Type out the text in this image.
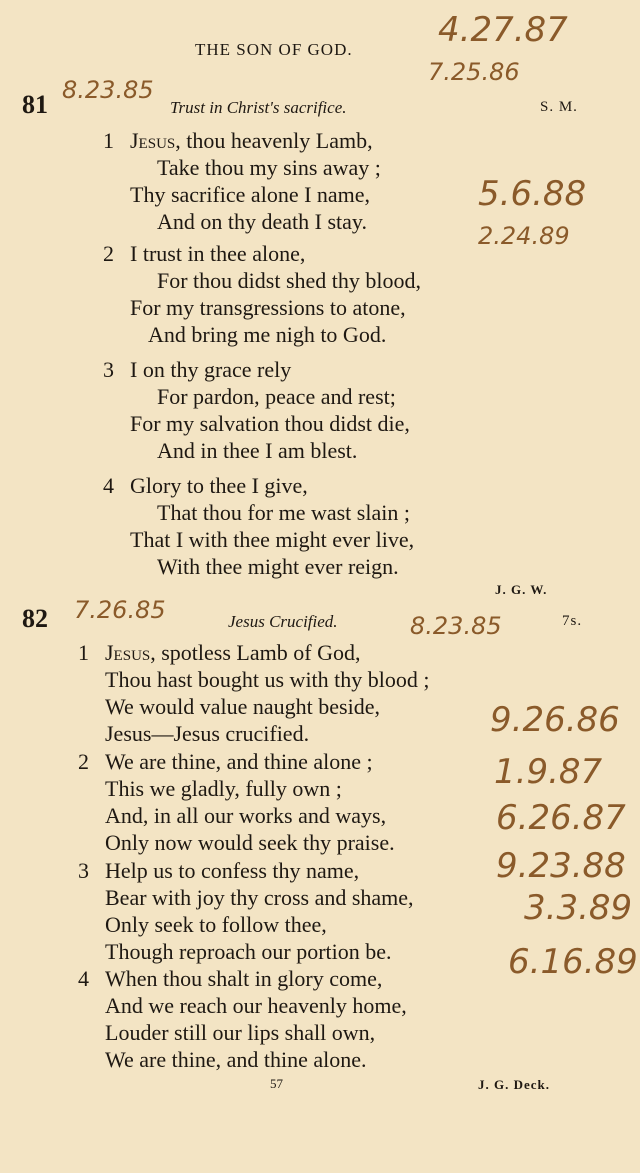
THE SON OF GOD.	4.27.87
7.25.86
8.23.85
5.6.88
2.24.89
7.26.85
8.23.85
9.26.86
1.9.87
6.26.87
9.23.88
3.3.89
6.16.89
81	Trust in Christ's sacrifice.	S. M.
1 Jesus, thou heavenly Lamb,
Take thou my sins away ;
Thy sacrifice alone I name,
And on thy death I stay.
2 I trust in thee alone,
For thou didst shed thy blood,
For my transgressions to atone,
And bring me nigh to God.
3 I on thy grace rely
For pardon, peace and rest;
For my salvation thou didst die,
And in thee I am blest.
4 Glory to thee I give,
That thou for me wast slain ;
That I with thee might ever live,
With thee might ever reign.
J. G. W.
82	Jesus Crucified.	7s.
1 Jesus, spotless Lamb of God,
Thou hast bought us with thy blood ;
We would value naught beside,
Jesus—Jesus crucified.
2 We are thine, and thine alone ;
This we gladly, fully own ;
And, in all our works and ways,
Only now would seek thy praise.
3 Help us to confess thy name,
Bear with joy thy cross and shame,
Only seek to follow thee,
Though reproach our portion be.
4 When thou shalt in glory come,
And we reach our heavenly home,
Louder still our lips shall own,
We are thine, and thine alone.
57	J. G. Deck.
